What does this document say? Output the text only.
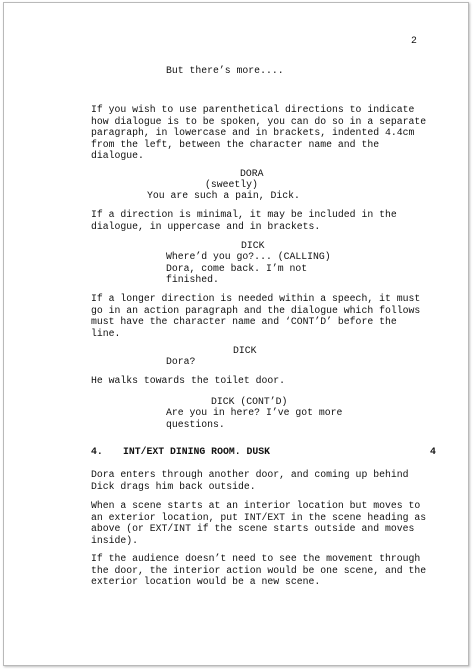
2

But there’s more....

If you wish to use parenthetical directions to indicate
how dialogue is to be spoken, you can do so in a separate
paragraph, in lowercase and in brackets, indented 4.4cm
from the left, between the character name and the
dialogue.

DORA

(sweetly)

You are such a pain, Dick.

If a direction is minimal, it may be included in the
dialogue, in uppercase and in brackets.

DICK

Where’d you go?... (CALLING)
Dora, come back. I’m not
finished.

If a longer direction is needed within a speech, it must
go in an action paragraph and the dialogue which follows
must have the character name and ‘CONT’D’ before the
line.

DICK

Dora?

He walks towards the toilet door.

DICK (CONT’D)

Are you in here? I’ve got more
questions.

4. INT/EXT DINING ROOM. DUSK	4

Dora enters through another door, and coming up behind
Dick drags him back outside.

When a scene starts at an interior location but moves to
an exterior location, put INT/EXT in the scene heading as
above (or EXT/INT if the scene starts outside and moves
inside).

If the audience doesn’t need to see the movement through
the door, the interior action would be one scene, and the
exterior location would be a new scene.
